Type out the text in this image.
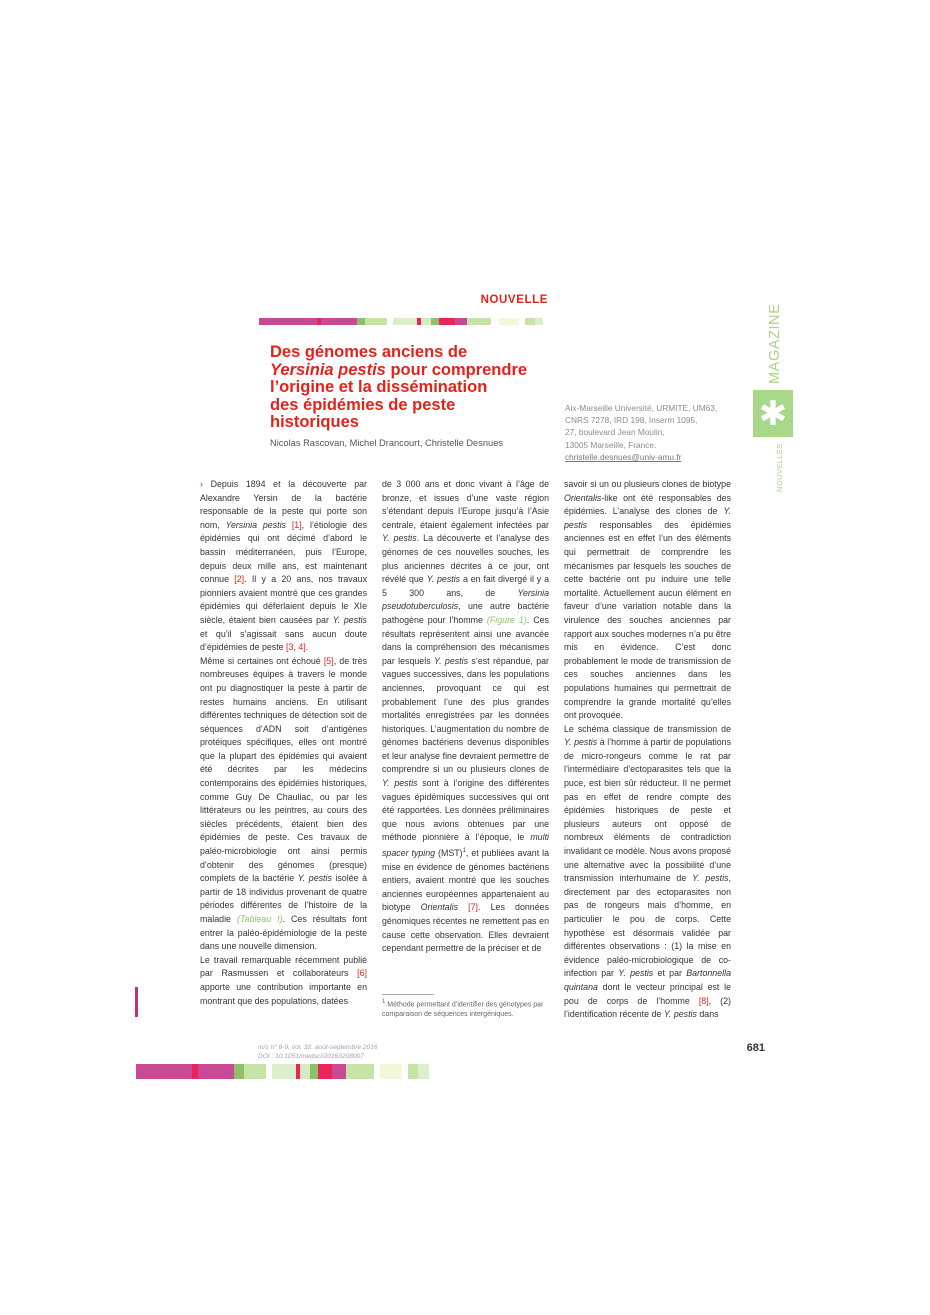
NOUVELLE
Des génomes anciens de
Yersinia pestis pour comprendre
l’origine et la dissémination
des épidémies de peste
historiques
Nicolas Rascovan, Michel Drancourt, Christelle Desnues
Aix-Marseille Université, URMITE, UM63,
CNRS 7278, IRD 198, Inserm 1095,
27, boulevard Jean Moulin,
13005 Marseille, France.
christelle.desnues@univ-amu.fr
MAGAZINE
✱
NOUVELLES

› Depuis 1894 et la découverte par Alexandre Yersin de la bactérie responsable de la peste qui porte son nom, Yersinia pestis [1], l’étiologie des épidémies qui ont décimé d’abord le bassin méditerranéen, puis l’Europe, depuis deux mille ans, est maintenant connue [2]. Il y a 20 ans, nos travaux pionniers avaient montré que ces grandes épidémies qui déferlaient depuis le XIe siècle, étaient bien causées par Y. pestis et qu’il s’agissait sans aucun doute d’épidémies de peste [3, 4].

Même si certaines ont échoué [5], de très nombreuses équipes à travers le monde ont pu diagnostiquer la peste à partir de restes humains anciens. En utilisant différentes techniques de détection soit de séquences d’ADN soit d’antigènes protéiques spécifiques, elles ont montré que la plupart des épidémies qui avaient été décrites par les médecins contemporains des épidémies historiques, comme Guy De Chauliac, ou par les littérateurs ou les peintres, au cours des siècles précédents, étaient bien des épidémies de peste. Ces travaux de paléo-microbiologie ont ainsi permis d’obtenir des génomes (presque) complets de la bactérie Y. pestis isolée à partir de 18 individus provenant de quatre périodes différentes de l’histoire de la maladie (Tableau I). Ces résultats font entrer la paléo-épidémiologie de la peste dans une nouvelle dimension.

Le travail remarquable récemment publié par Rasmussen et collaborateurs [6] apporte une contribution importante en montrant que des populations, datées

de 3 000 ans et donc vivant à l’âge de bronze, et issues d’une vaste région s’étendant depuis l’Europe jusqu’à l’Asie centrale, étaient également infectées par Y. pestis. La découverte et l’analyse des génomes de ces nouvelles souches, les plus anciennes décrites à ce jour, ont révélé que Y. pestis a en fait divergé il y a 5 300 ans, de Yersinia pseudotuberculosis, une autre bactérie pathogène pour l’homme (Figure 1). Ces résultats représentent ainsi une avancée dans la compréhension des mécanismes par lesquels Y. pestis s’est répandue, par vagues successives, dans les populations anciennes, provoquant ce qui est probablement l’une des plus grandes mortalités enregistrées par les données historiques. L’augmentation du nombre de génomes bactériens devenus disponibles et leur analyse fine devraient permettre de comprendre si un ou plusieurs clones de Y. pestis sont à l’origine des différentes vagues épidémiques successives qui ont été rapportées. Les données préliminaires que nous avions obtenues par une méthode pionnière à l’époque, le multi spacer typing (MST)$^1$, et publiées avant la mise en évidence de génomes bactériens entiers, avaient montré que les souches anciennes européennes appartenaient au biotype Orientalis [7]. Les données génomiques récentes ne remettent pas en cause cette observation. Elles devraient cependant permettre de la préciser et de

1 Méthode permettant d’identifier des génotypes par comparaison de séquences intergéniques.

savoir si un ou plusieurs clones de biotype Orientalis-like ont été responsables des épidémies. L’analyse des clones de Y. pestis responsables des épidémies anciennes est en effet l’un des éléments qui permettrait de comprendre les mécanismes par lesquels les souches de cette bactérie ont pu induire une telle mortalité. Actuellement aucun élément en faveur d’une variation notable dans la virulence des souches anciennes par rapport aux souches modernes n’a pu être mis en évidence. C’est donc probablement le mode de transmission de ces souches anciennes dans les populations humaines qui permettrait de comprendre la grande mortalité qu’elles ont provoquée.

Le schéma classique de transmission de Y. pestis à l’homme à partir de populations de micro-rongeurs comme le rat par l’intermédiaire d’ectoparasites tels que la puce, est bien sûr réducteur. Il ne permet pas en effet de rendre compte des épidémies historiques de peste et plusieurs auteurs ont opposé de nombreux éléments de contradiction invalidant ce modèle. Nous avons proposé une alternative avec la possibilité d’une transmission interhumaine de Y. pestis, directement par des ectoparasites non pas de rongeurs mais d’homme, en particulier le pou de corps. Cette hypothèse est désormais validée par différentes observations : (1) la mise en évidence paléo-microbiologique de co-infection par Y. pestis et par Bartonnella quintana dont le vecteur principal est le pou de corps de l’homme [8], (2) l’identification récente de Y. pestis dans

m/s n° 8-9, vol. 32, août-septembre 2016
DOI : 10.1051/medsci/20163208007
681
